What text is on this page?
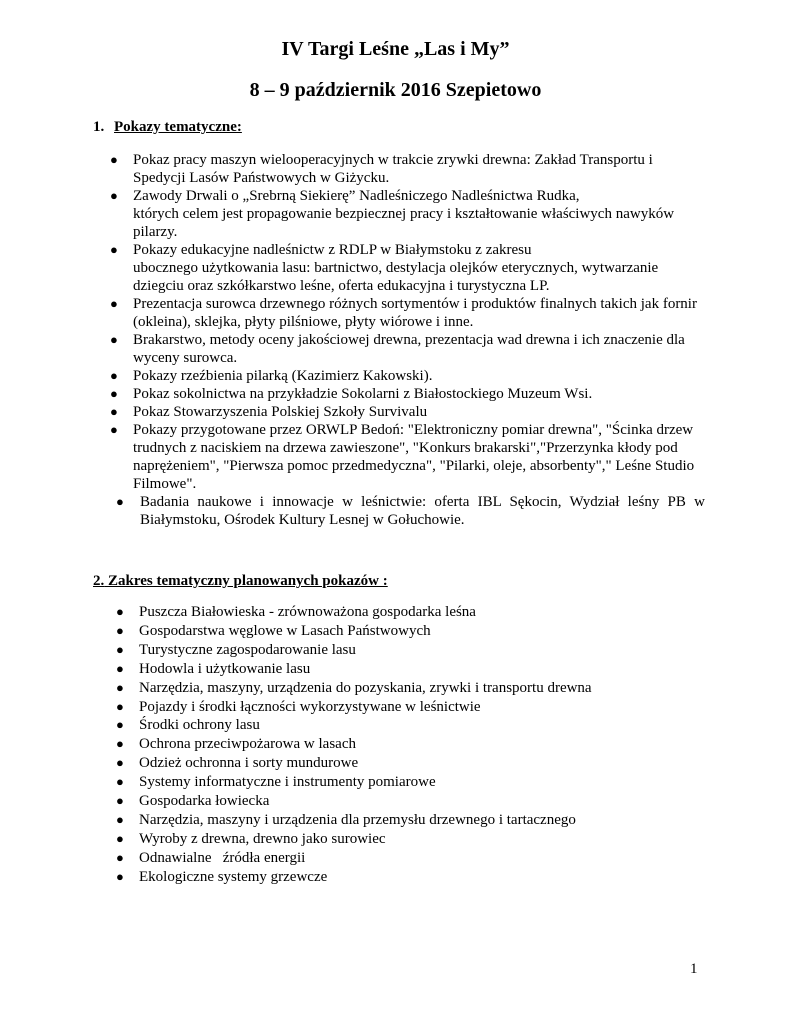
IV Targi Leśne „Las i My”
8 – 9 październik 2016 Szepietowo
1. Pokazy tematyczne:
● Pokaz pracy maszyn wielooperacyjnych w trakcie zrywki drewna: Zakład Transportu i Spedycji Lasów Państwowych w Giżycku.
● Zawody Drwali o „Srebrną Siekierę” Nadleśniczego Nadleśnictwa Rudka,
których celem jest propagowanie bezpiecznej pracy i kształtowanie właściwych nawyków pilarzy.
● Pokazy edukacyjne nadleśnictw z RDLP w Białymstoku z zakresu
ubocznego użytkowania lasu: bartnictwo, destylacja olejków eterycznych, wytwarzanie dziegciu oraz szkółkarstwo leśne, oferta edukacyjna i turystyczna LP.
● Prezentacja surowca drzewnego różnych sortymentów i produktów finalnych takich jak fornir (okleina), sklejka, płyty pilśniowe, płyty wiórowe i inne.
● Brakarstwo, metody oceny jakościowej drewna, prezentacja wad drewna i ich znaczenie dla wyceny surowca.
● Pokazy rzeźbienia pilarką (Kazimierz Kakowski).
● Pokaz sokolnictwa na przykładzie Sokolarni z Białostockiego Muzeum Wsi.
● Pokaz Stowarzyszenia Polskiej Szkoły Survivalu
● Pokazy przygotowane przez ORWLP Bedoń: "Elektroniczny pomiar drewna", "Ścinka drzew trudnych z naciskiem na drzewa zawieszone", "Konkurs brakarski","Przerzynka kłody pod naprężeniem", "Pierwsza pomoc przedmedyczna", "Pilarki, oleje, absorbenty"," Leśne Studio Filmowe".
● Badania naukowe i innowacje w leśnictwie: oferta IBL Sękocin, Wydział leśny PB w Białymstoku, Ośrodek Kultury Lesnej w Gołuchowie.
2. Zakres tematyczny planowanych pokazów :
● Puszcza Białowieska - zrównoważona gospodarka leśna
● Gospodarstwa węglowe w Lasach Państwowych
● Turystyczne zagospodarowanie lasu
● Hodowla i użytkowanie lasu
● Narzędzia, maszyny, urządzenia do pozyskania, zrywki i transportu drewna
● Pojazdy i środki łączności wykorzystywane w leśnictwie
● Środki ochrony lasu
● Ochrona przeciwpożarowa w lasach
● Odzież ochronna i sorty mundurowe
● Systemy informatyczne i instrumenty pomiarowe
● Gospodarka łowiecka
● Narzędzia, maszyny i urządzenia dla przemysłu drzewnego i tartacznego
● Wyroby z drewna, drewno jako surowiec
● Odnawialne   źródła energii
● Ekologiczne systemy grzewcze
1
